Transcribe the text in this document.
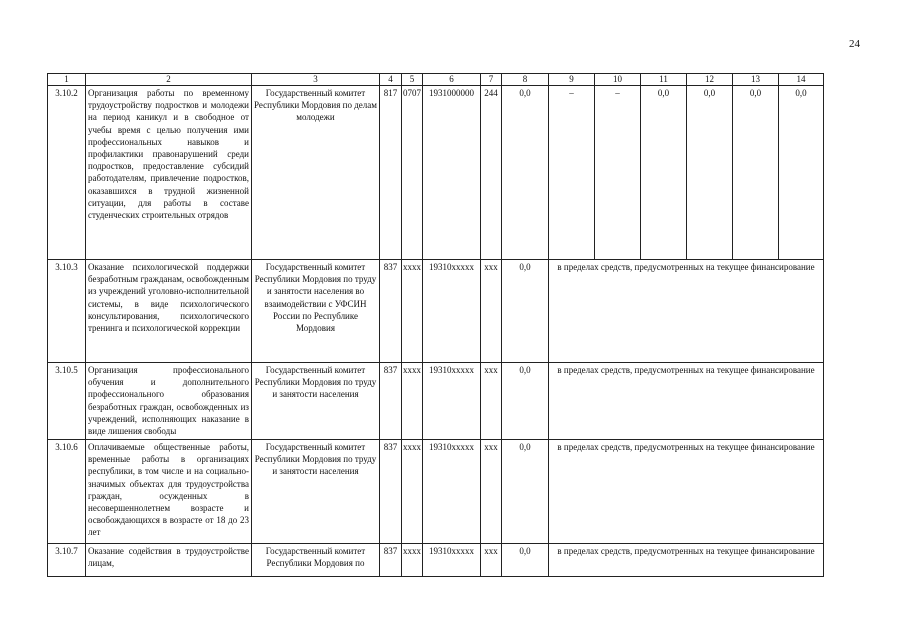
24
1	2	3	4	5	6	7	8	9	10	11	12	13	14
3.10.2	Организация работы по временному трудоустройству подростков и молодежи на период каникул и в свободное от учебы время с целью получения ими профессиональных навыков и профилактики правонарушений среди подростков, предоставление субсидий работодателям, привлечение подростков, оказавшихся в трудной жизненной ситуации, для работы в составе студенческих строительных отрядов	Государственный комитет Республики Мордовия по делам молодежи	817	0707	1931000000	244	0,0	–	–	0,0	0,0	0,0	0,0
3.10.3	Оказание психологической поддержки безработным гражданам, освобожденным из учреждений уголовно-исполнительной системы, в виде психологического консультирования, психологического тренинга и психологической коррекции	Государственный комитет Республики Мордовия по труду и занятости населения во взаимодействии с УФСИН России по Республике Мордовия	837	хххх	19310ххххх	ххх	0,0	в пределах средств, предусмотренных на текущее финансирование					
3.10.5	Организация профессионального обучения и дополнительного профессионального образования безработных граждан, освобожденных из учреждений, исполняющих наказание в виде лишения свободы	Государственный комитет Республики Мордовия по труду и занятости населения	837	хххх	19310ххххх	ххх	0,0	в пределах средств, предусмотренных на текущее финансирование					
3.10.6	Оплачиваемые общественные работы, временные работы в организациях республики, в том числе и на социально-значимых объектах для трудоустройства граждан, осужденных в несовершеннолетнем возрасте и освобождающихся в возрасте от 18 до 23 лет	Государственный комитет Республики Мордовия по труду и занятости населения	837	хххх	19310ххххх	ххх	0,0	в пределах средств, предусмотренных на текущее финансирование					
3.10.7	Оказание содействия в трудоустройстве лицам,	Государственный комитет Республики Мордовия по	837	хххх	19310ххххх	ххх	0,0	в пределах средств, предусмотренных на текущее финансирование					
